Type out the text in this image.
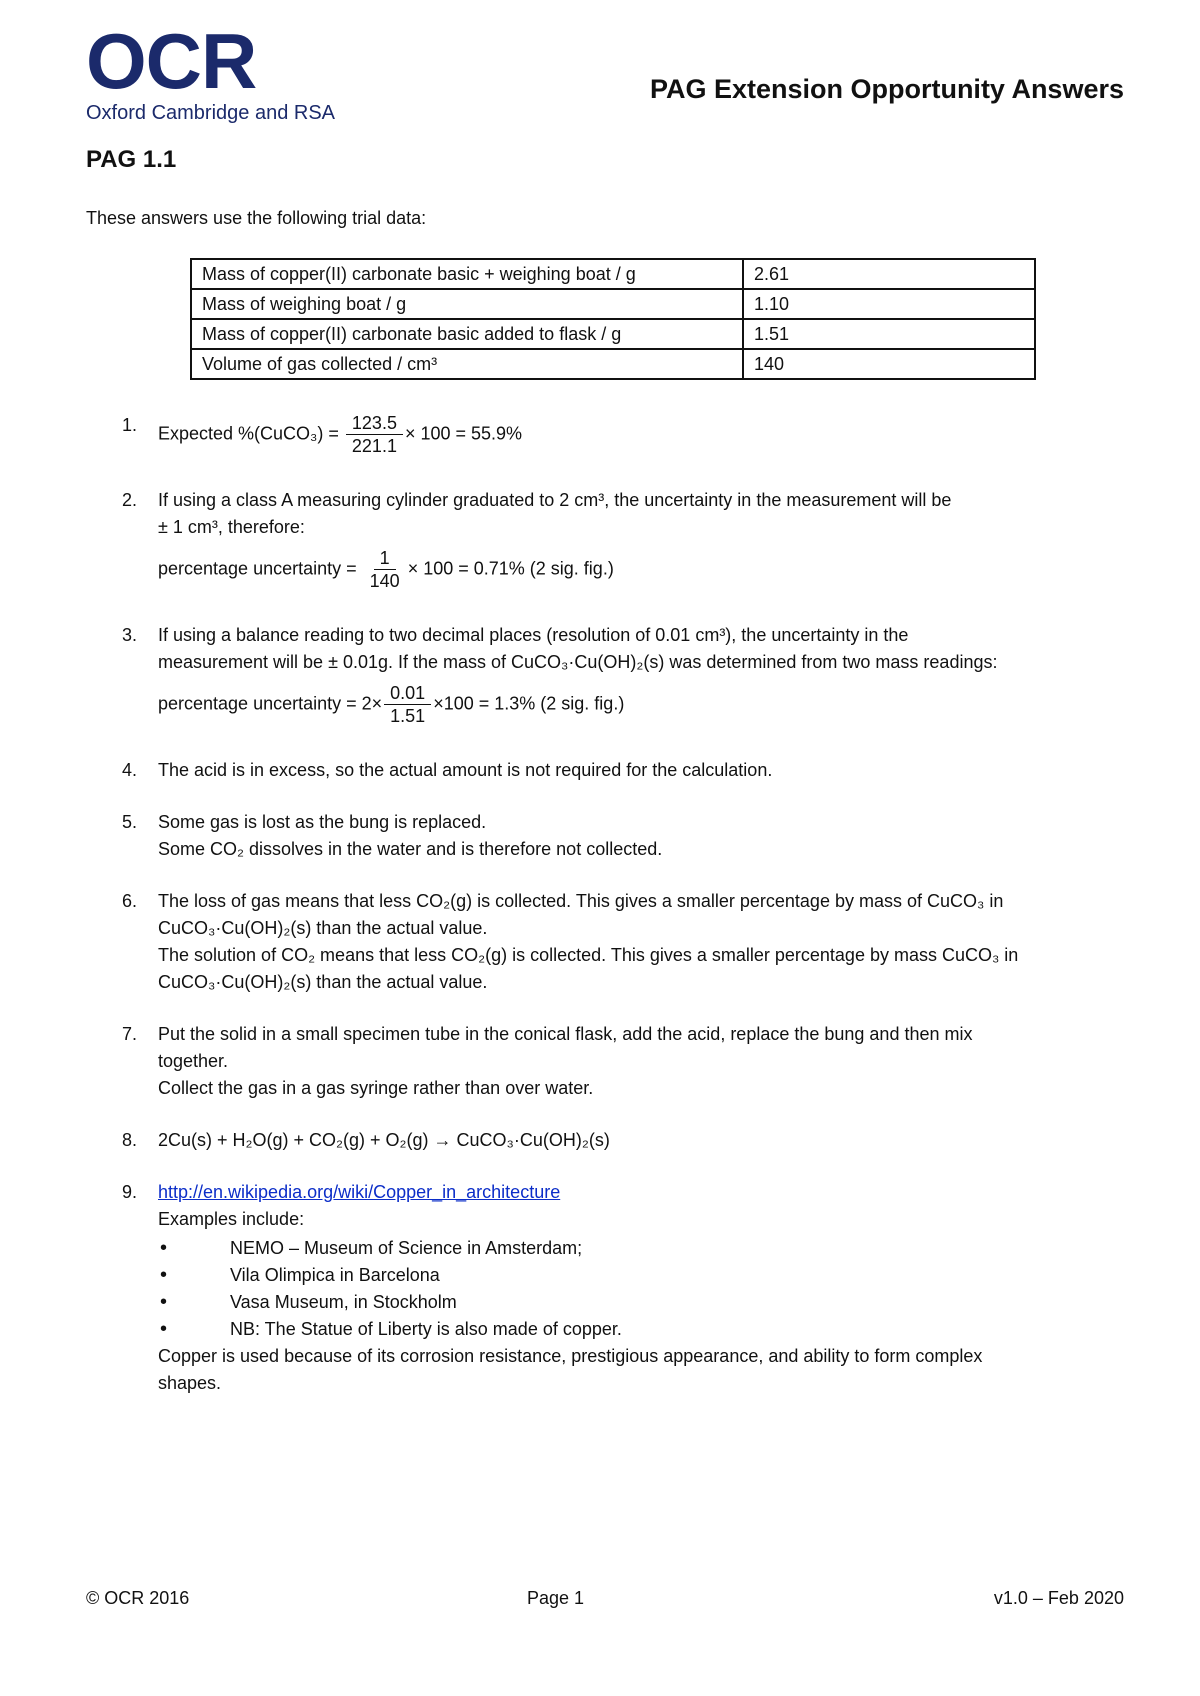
OCR
Oxford Cambridge and RSA
PAG Extension Opportunity Answers
PAG 1.1
These answers use the following trial data:
Mass of copper(II) carbonate basic + weighing boat / g	2.61
Mass of weighing boat / g	1.10
Mass of copper(II) carbonate basic added to flask / g	1.51
Volume of gas collected / cm³	140
1. Expected %(CuCO₃) = $\frac{123.5}{221.1} \times 100 = 55.9\%$
2. If using a class A measuring cylinder graduated to 2 cm³, the uncertainty in the measurement will be
± 1 cm³, therefore:
percentage uncertainty = $\frac{1}{140} \times 100 = 0.71\%$ (2 sig. fig.)
3. If using a balance reading to two decimal places (resolution of 0.01 cm³), the uncertainty in the
measurement will be ± 0.01g. If the mass of CuCO₃·Cu(OH)₂(s) was determined from two mass readings:
percentage uncertainty = $2\times \frac{0.01}{1.51} \times 100 = 1.3\%$ (2 sig. fig.)
4. The acid is in excess, so the actual amount is not required for the calculation.
5. Some gas is lost as the bung is replaced.
Some CO₂ dissolves in the water and is therefore not collected.
6. The loss of gas means that less CO₂(g) is collected. This gives a smaller percentage by mass of CuCO₃ in
CuCO₃·Cu(OH)₂(s) than the actual value.
The solution of CO₂ means that less CO₂(g) is collected. This gives a smaller percentage by mass CuCO₃ in
CuCO₃·Cu(OH)₂(s) than the actual value.
7. Put the solid in a small specimen tube in the conical flask, add the acid, replace the bung and then mix
together.
Collect the gas in a gas syringe rather than over water.
8. 2Cu(s) + H₂O(g) + CO₂(g) + O₂(g) → CuCO₃·Cu(OH)₂(s)
9. http://en.wikipedia.org/wiki/Copper_in_architecture
Examples include:
• NEMO – Museum of Science in Amsterdam;
• Vila Olimpica in Barcelona
• Vasa Museum, in Stockholm
• NB: The Statue of Liberty is also made of copper.
Copper is used because of its corrosion resistance, prestigious appearance, and ability to form complex
shapes.
© OCR 2016	Page 1	v1.0 – Feb 2020
